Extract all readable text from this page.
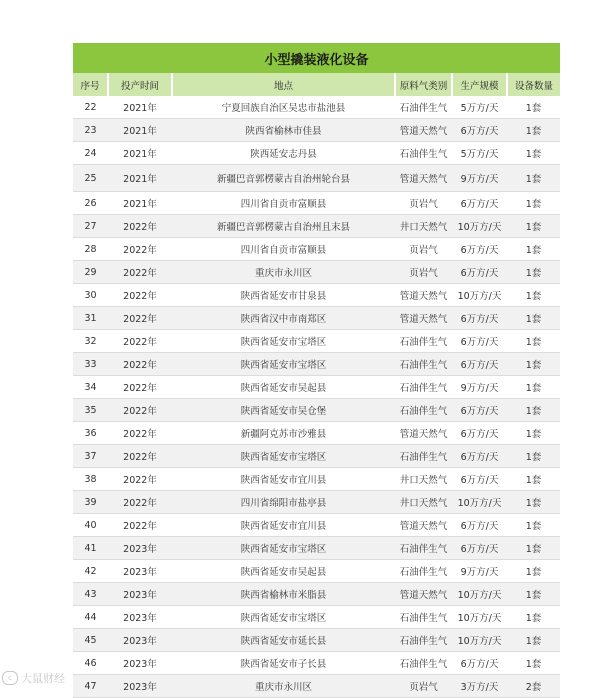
小型撬装液化设备
序号	投产时间	地点	原料气类别	生产规模	设备数量
22	2021年	宁夏回族自治区吴忠市盐池县	石油伴生气	5万方/天	1套
23	2021年	陕西省榆林市佳县	管道天然气	6万方/天	1套
24	2021年	陕西延安志丹县	石油伴生气	5万方/天	1套
25	2021年	新疆巴音郭楞蒙古自治州轮台县	管道天然气	9万方/天	1套
26	2021年	四川省自贡市富顺县	页岩气	6万方/天	1套
27	2022年	新疆巴音郭楞蒙古自治州且末县	井口天然气	10万方/天	1套
28	2022年	四川省自贡市富顺县	页岩气	6万方/天	1套
29	2022年	重庆市永川区	页岩气	6万方/天	1套
30	2022年	陕西省延安市甘泉县	管道天然气	10万方/天	1套
31	2022年	陕西省汉中市南郑区	管道天然气	6万方/天	1套
32	2022年	陕西省延安市宝塔区	石油伴生气	6万方/天	1套
33	2022年	陕西省延安市宝塔区	石油伴生气	6万方/天	1套
34	2022年	陕西省延安市吴起县	石油伴生气	9万方/天	1套
35	2022年	陕西省延安市吴仓堡	石油伴生气	6万方/天	1套
36	2022年	新疆阿克苏市沙雅县	管道天然气	6万方/天	1套
37	2022年	陕西省延安市宝塔区	石油伴生气	6万方/天	1套
38	2022年	陕西省延安市宜川县	井口天然气	6万方/天	1套
39	2022年	四川省绵阳市盐亭县	井口天然气	10万方/天	1套
40	2022年	陕西省延安市宜川县	管道天然气	6万方/天	1套
41	2023年	陕西省延安市宝塔区	石油伴生气	6万方/天	1套
42	2023年	陕西省延安市吴起县	石油伴生气	9万方/天	1套
43	2023年	陕西省榆林市米脂县	管道天然气	10万方/天	1套
44	2023年	陕西省延安市宝塔区	石油伴生气	10万方/天	1套
45	2023年	陕西省延安市延长县	石油伴生气	10万方/天	1套
46	2023年	陕西省延安市子长县	石油伴生气	6万方/天	1套
47	2023年	重庆市永川区	页岩气	3万方/天	2套
c 大鼠财经
